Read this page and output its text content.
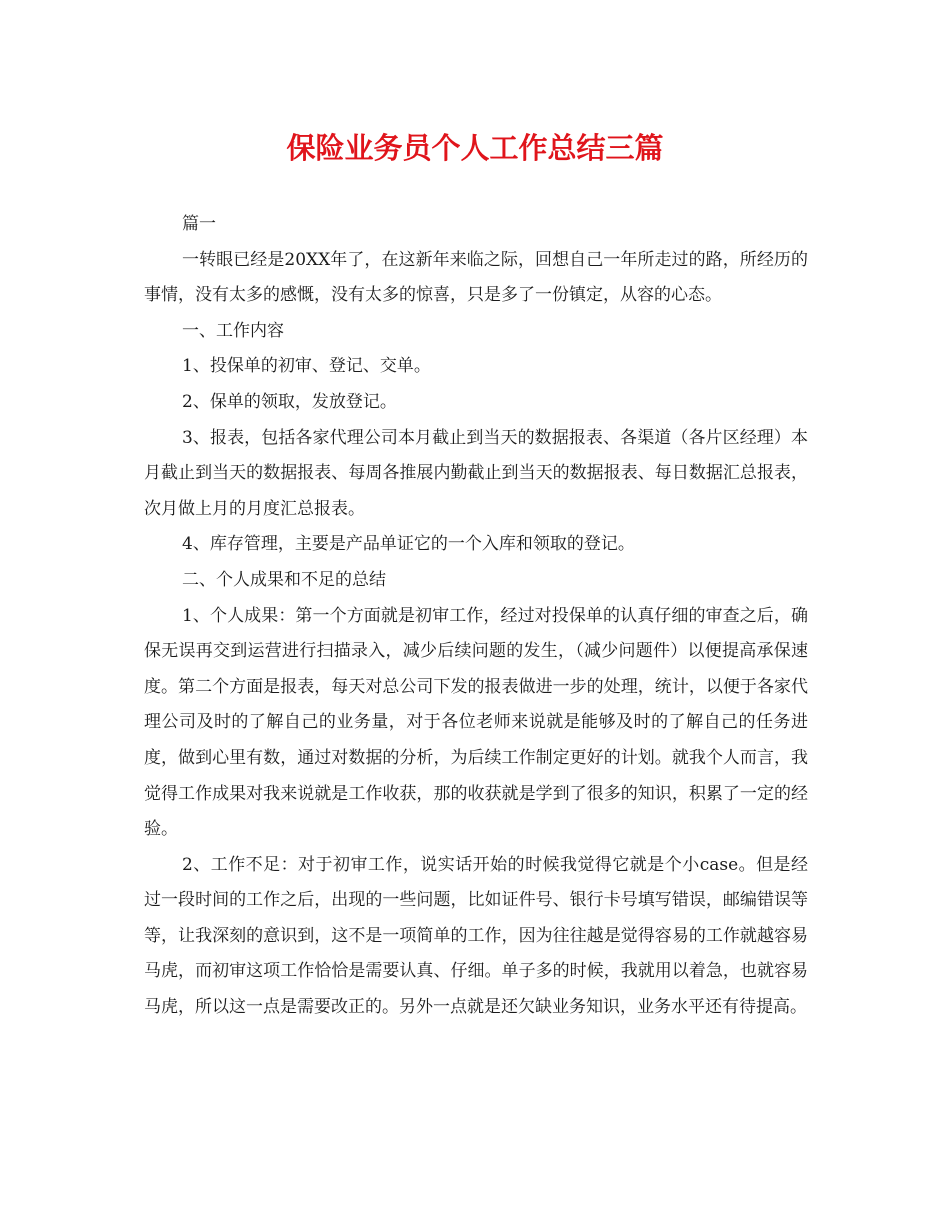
保险业务员个人工作总结三篇

篇一

一转眼已经是20XX年了，在这新年来临之际，回想自己一年所走过的路，所经历的事情，没有太多的感慨，没有太多的惊喜，只是多了一份镇定，从容的心态。

一、工作内容

1、投保单的初审、登记、交单。

2、保单的领取，发放登记。

3、报表，包括各家代理公司本月截止到当天的数据报表、各渠道（各片区经理）本月截止到当天的数据报表、每周各推展内勤截止到当天的数据报表、每日数据汇总报表，次月做上月的月度汇总报表。

4、库存管理，主要是产品单证它的一个入库和领取的登记。

二、个人成果和不足的总结

1、个人成果：第一个方面就是初审工作，经过对投保单的认真仔细的审查之后，确保无误再交到运营进行扫描录入，减少后续问题的发生，（减少问题件）以便提高承保速度。第二个方面是报表，每天对总公司下发的报表做进一步的处理，统计，以便于各家代理公司及时的了解自己的业务量，对于各位老师来说就是能够及时的了解自己的任务进度，做到心里有数，通过对数据的分析，为后续工作制定更好的计划。就我个人而言，我觉得工作成果对我来说就是工作收获，那的收获就是学到了很多的知识，积累了一定的经验。

2、工作不足：对于初审工作，说实话开始的时候我觉得它就是个小case。但是经过一段时间的工作之后，出现的一些问题，比如证件号、银行卡号填写错误，邮编错误等等，让我深刻的意识到，这不是一项简单的工作，因为往往越是觉得容易的工作就越容易马虎，而初审这项工作恰恰是需要认真、仔细。单子多的时候，我就用以着急，也就容易马虎，所以这一点是需要改正的。另外一点就是还欠缺业务知识，业务水平还有待提高。
